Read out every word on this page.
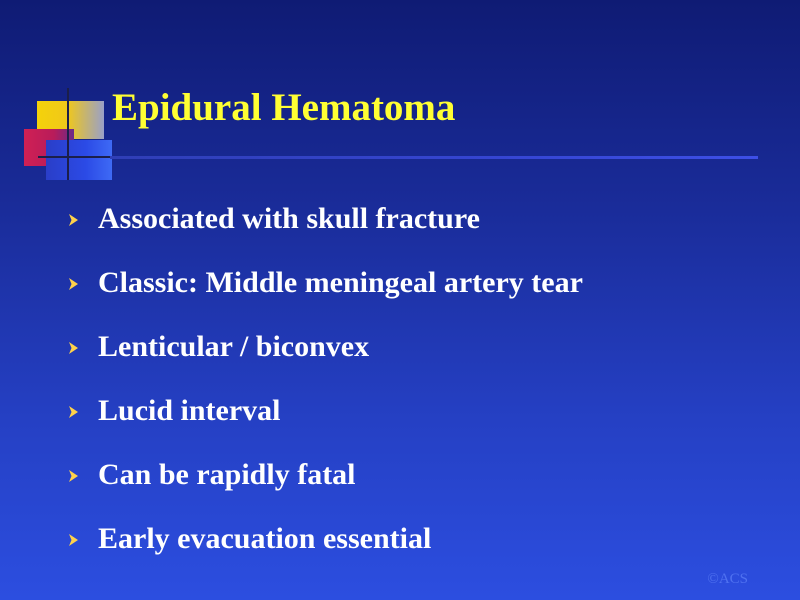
Epidural Hematoma
Associated with skull fracture
Classic: Middle meningeal artery tear
Lenticular / biconvex
Lucid interval
Can be rapidly fatal
Early evacuation essential
©ACS
